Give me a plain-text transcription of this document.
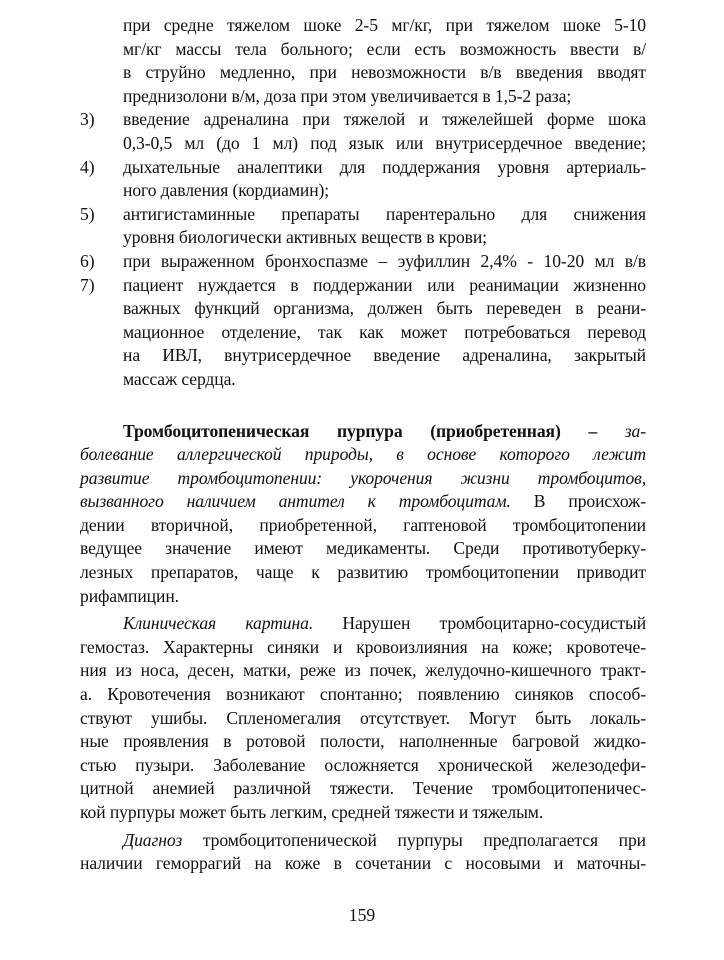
при средне тяжелом шоке 2-5 мг/кг, при тяжелом шоке 5-10
мг/кг массы тела больного; если есть возможность ввести в/
в струйно медленно, при невозможности в/в введения вводят
преднизолони в/м, доза при этом увеличивается в 1,5-2 раза;
3) введение адреналина при тяжелой и тяжелейшей форме шока
0,3-0,5 мл (до 1 мл) под язык или внутрисердечное введение;
4) дыхательные аналептики для поддержания уровня артериаль-
ного давления (кордиамин);
5) антигистаминные препараты парентерально для снижения
уровня биологически активных веществ в крови;
6) при выраженном бронхоспазме – эуфиллин 2,4% - 10-20 мл в/в
7) пациент нуждается в поддержании или реанимации жизненно
важных функций организма, должен быть переведен в реани-
мационное отделение, так как может потребоваться перевод
на ИВЛ, внутрисердечное введение адреналина, закрытый
массаж сердца.
Тромбоцитопеническая пурпура (приобретенная) – за-
болевание аллергической природы, в основе которого лежит
развитие тромбоцитопении: укорочения жизни тромбоцитов,
вызванного наличием антител к тромбоцитам. В происхож-
дении вторичной, приобретенной, гаптеновой тромбоцитопении
ведущее значение имеют медикаменты. Среди противотуберку-
лезных препаратов, чаще к развитию тромбоцитопении приводит
рифампицин.
Клиническая картина. Нарушен тромбоцитарно-сосудистый
гемостаз. Характерны синяки и кровоизлияния на коже; кровотече-
ния из носа, десен, матки, реже из почек, желудочно-кишечного тракт-
а. Кровотечения возникают спонтанно; появлению синяков способ-
ствуют ушибы. Спленомегалия отсутствует. Могут быть локаль-
ные проявления в ротовой полости, наполненные багровой жидко-
стью пузыри. Заболевание осложняется хронической железодефи-
цитной анемией различной тяжести. Течение тромбоцитопеничес-
кой пурпуры может быть легким, средней тяжести и тяжелым.
Диагноз тромбоцитопенической пурпуры предполагается при
наличии геморрагий на коже в сочетании с носовыми и маточны-
159
